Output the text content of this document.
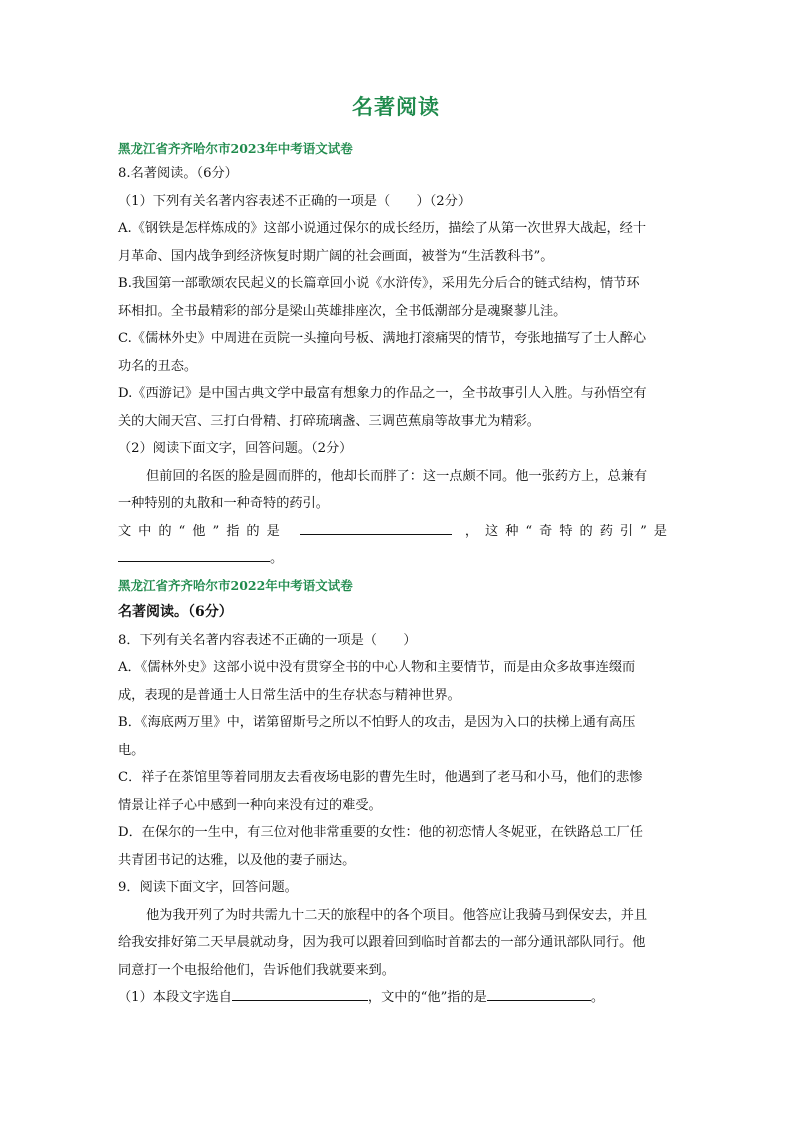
名著阅读

黑龙江省齐齐哈尔市2023年中考语文试卷

8.名著阅读。（6分）

（1）下列有关名著内容表述不正确的一项是（　　）（2分）

A.《钢铁是怎样炼成的》这部小说通过保尔的成长经历，描绘了从第一次世界大战起，经十

月革命、国内战争到经济恢复时期广阔的社会画面，被誉为“生活教科书”。

B.我国第一部歌颂农民起义的长篇章回小说《水浒传》，采用先分后合的链式结构，情节环

环相扣。全书最精彩的部分是梁山英雄排座次，全书低潮部分是魂聚蓼儿洼。

C.《儒林外史》中周进在贡院一头撞向号板、满地打滚痛哭的情节，夸张地描写了士人醉心

功名的丑态。

D.《西游记》是中国古典文学中最富有想象力的作品之一，全书故事引人入胜。与孙悟空有

关的大闹天宫、三打白骨精、打碎琉璃盏、三调芭蕉扇等故事尤为精彩。

（2）阅读下面文字，回答问题。（2分）

但前回的名医的脸是圆而胖的，他却长而胖了：这一点颇不同。他一张药方上，总兼有

一种特别的丸散和一种奇特的药引。

文中的“他”指的是	，这种“奇特的药引”是

。

黑龙江省齐齐哈尔市2022年中考语文试卷

名著阅读。（6分）

8．下列有关名著内容表述不正确的一项是（　　）

A．《儒林外史》这部小说中没有贯穿全书的中心人物和主要情节，而是由众多故事连缀而

成，表现的是普通士人日常生活中的生存状态与精神世界。

B．《海底两万里》中，诺第留斯号之所以不怕野人的攻击，是因为入口的扶梯上通有高压

电。

C．祥子在茶馆里等着同朋友去看夜场电影的曹先生时，他遇到了老马和小马，他们的悲惨

情景让祥子心中感到一种向来没有过的难受。

D．在保尔的一生中，有三位对他非常重要的女性：他的初恋情人冬妮亚，在铁路总工厂任

共青团书记的达雅，以及他的妻子丽达。

9．阅读下面文字，回答问题。

他为我开列了为时共需九十二天的旅程中的各个项目。他答应让我骑马到保安去，并且

给我安排好第二天早晨就动身，因为我可以跟着回到临时首都去的一部分通讯部队同行。他

同意打一个电报给他们，告诉他们我就要来到。

（1）本段文字选自	，文中的“他”指的是	。
